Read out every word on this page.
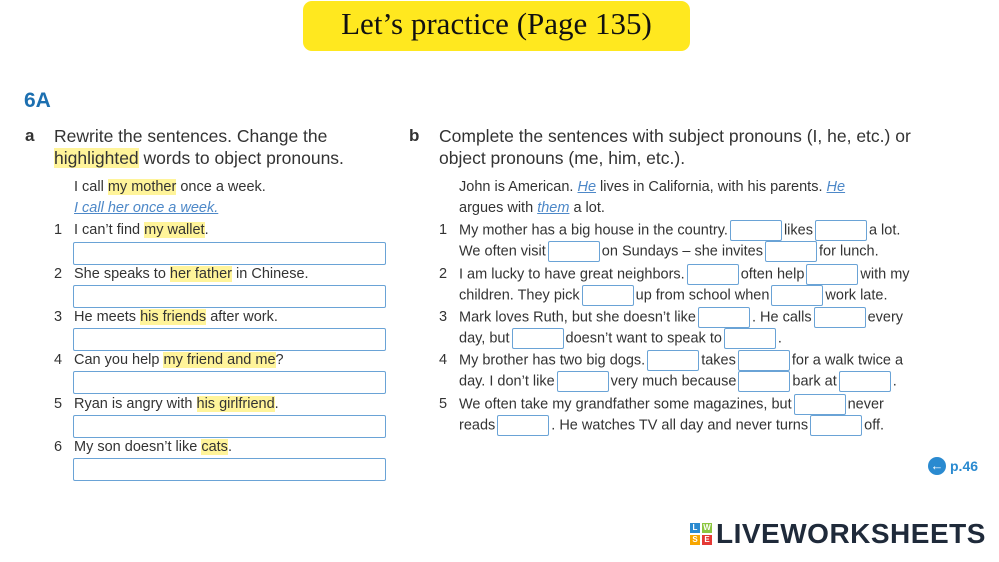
Let’s practice (Page 135)
6A
a Rewrite the sentences. Change the
highlighted words to object pronouns.
I call my mother once a week.
I call her once a week.
1 I can’t find my wallet.
2 She speaks to her father in Chinese.
3 He meets his friends after work.
4 Can you help my friend and me?
5 Ryan is angry with his girlfriend.
6 My son doesn’t like cats.
b Complete the sentences with subject pronouns (I, he, etc.) or
object pronouns (me, him, etc.).
John is American. He lives in California, with his parents. He
argues with them a lot.
1 My mother has a big house in the country.	likes	a lot.
We often visit	on Sundays – she invites	for lunch.
2 I am lucky to have great neighbors.	often help	with my
children. They pick	up from school when	work late.
3 Mark loves Ruth, but she doesn’t like	. He calls	every
day, but	doesn’t want to speak to	.
4 My brother has two big dogs.	takes	for a walk twice a
day. I don’t like	very much because	bark at	.
5 We often take my grandfather some magazines, but	never
reads	. He watches TV all day and never turns	off.
← p.46
L W
S E LIVEWORKSHEETS
